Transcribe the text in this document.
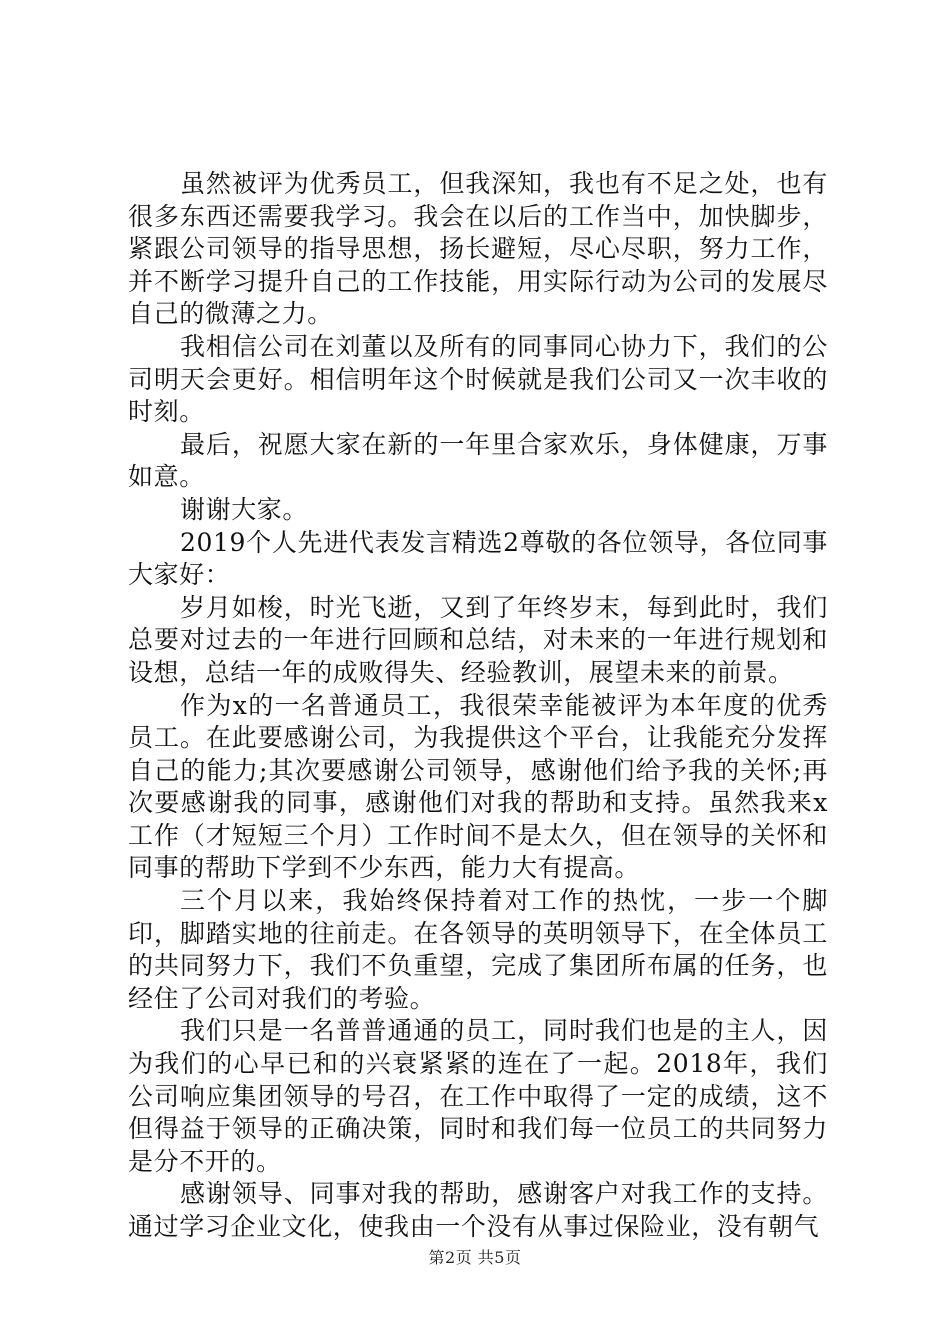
虽然被评为优秀员工，但我深知，我也有不足之处，也有很多东西还需要我学习。我会在以后的工作当中，加快脚步，紧跟公司领导的指导思想，扬长避短，尽心尽职，努力工作，并不断学习提升自己的工作技能，用实际行动为公司的发展尽自己的微薄之力。

我相信公司在刘董以及所有的同事同心协力下，我们的公司明天会更好。相信明年这个时候就是我们公司又一次丰收的时刻。

最后，祝愿大家在新的一年里合家欢乐，身体健康，万事如意。

谢谢大家。

2019个人先进代表发言精选2尊敬的各位领导，各位同事大家好：

岁月如梭，时光飞逝，又到了年终岁末，每到此时，我们总要对过去的一年进行回顾和总结，对未来的一年进行规划和设想，总结一年的成败得失、经验教训，展望未来的前景。

作为x的一名普通员工，我很荣幸能被评为本年度的优秀员工。在此要感谢公司，为我提供这个平台，让我能充分发挥自己的能力;其次要感谢公司领导，感谢他们给予我的关怀;再次要感谢我的同事，感谢他们对我的帮助和支持。虽然我来x工作（才短短三个月）工作时间不是太久，但在领导的关怀和同事的帮助下学到不少东西，能力大有提高。

三个月以来，我始终保持着对工作的热忱，一步一个脚印，脚踏实地的往前走。在各领导的英明领导下，在全体员工的共同努力下，我们不负重望，完成了集团所布属的任务，也经住了公司对我们的考验。

我们只是一名普普通通的员工，同时我们也是的主人，因为我们的心早已和的兴衰紧紧的连在了一起。2018年，我们公司响应集团领导的号召，在工作中取得了一定的成绩，这不但得益于领导的正确决策，同时和我们每一位员工的共同努力是分不开的。

感谢领导、同事对我的帮助，感谢客户对我工作的支持。通过学习企业文化，使我由一个没有从事过保险业，没有朝气

第2页 共5页
